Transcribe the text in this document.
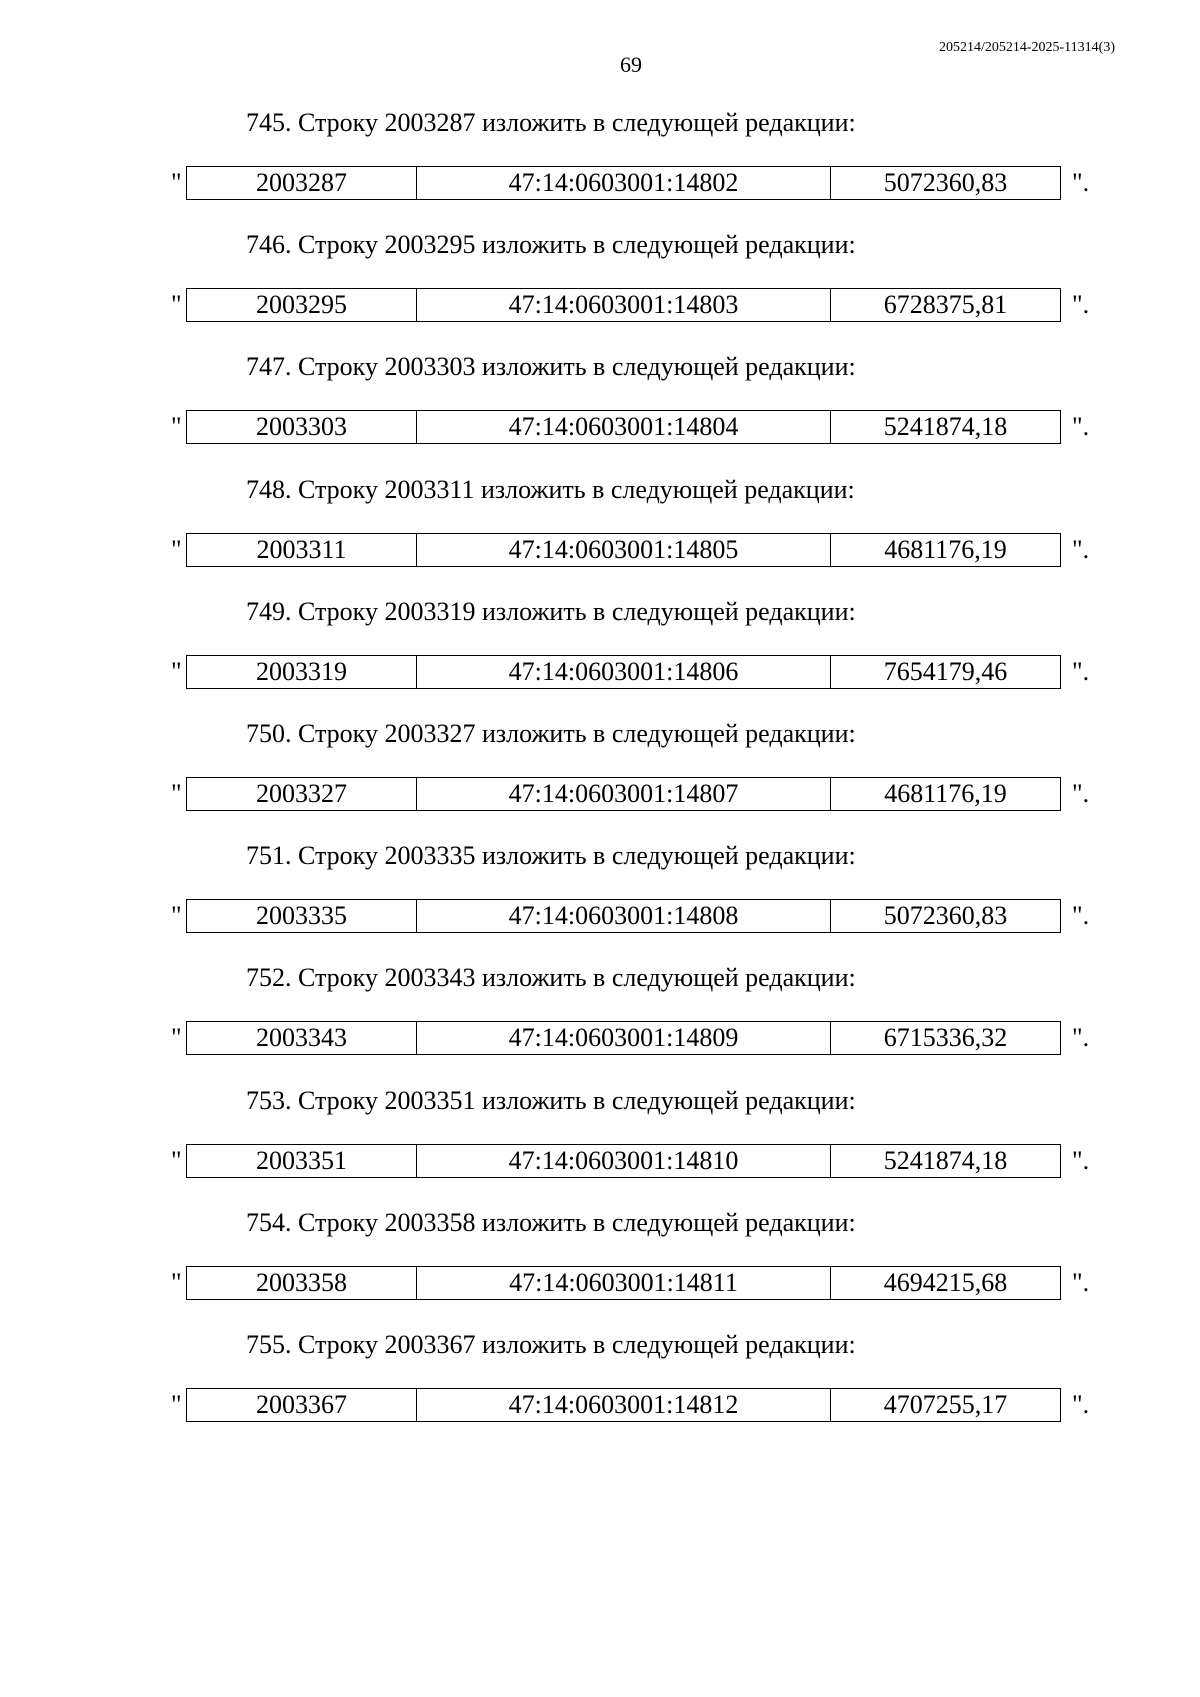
69
205214/205214-2025-11314(3)
745. Строку 2003287 изложить в следующей редакции:
"	2003287	47:14:0603001:14802	5072360,83 ".
746. Строку 2003295 изложить в следующей редакции:
"	2003295	47:14:0603001:14803	6728375,81 ".
747. Строку 2003303 изложить в следующей редакции:
"	2003303	47:14:0603001:14804	5241874,18 ".
748. Строку 2003311 изложить в следующей редакции:
"	2003311	47:14:0603001:14805	4681176,19	".
749. Строку 2003319 изложить в следующей редакции:
"	2003319	47:14:0603001:14806	7654179,46 ".
750. Строку 2003327 изложить в следующей редакции:
"	2003327	47:14:0603001:14807	4681176,19	".
751. Строку 2003335 изложить в следующей редакции:
"	2003335	47:14:0603001:14808	5072360,83 ".
752. Строку 2003343 изложить в следующей редакции:
"	2003343	47:14:0603001:14809	6715336,32 ".
753. Строку 2003351 изложить в следующей редакции:
"	2003351	47:14:0603001:14810	5241874,18 ".
754. Строку 2003358 изложить в следующей редакции:
"	2003358	47:14:0603001:14811	4694215,68 ".
755. Строку 2003367 изложить в следующей редакции:
"	2003367	47:14:0603001:14812	4707255,17 ".
